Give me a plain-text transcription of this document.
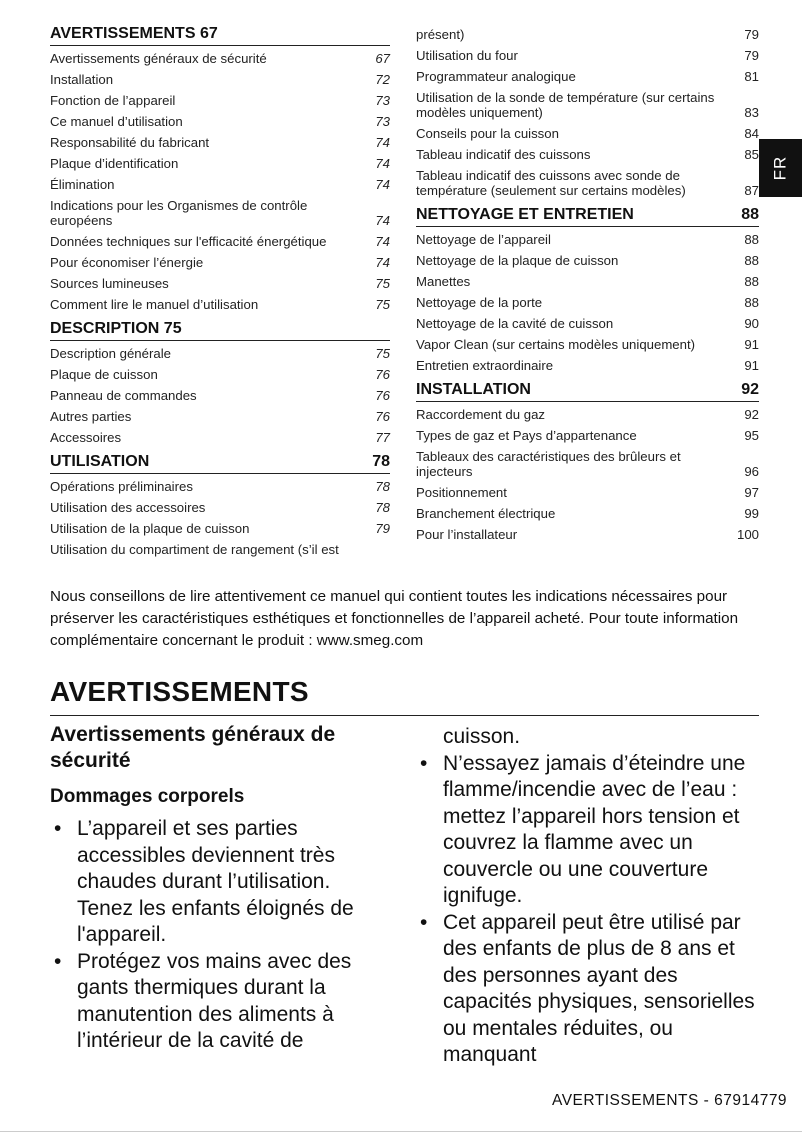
AVERTISSEMENTS 67
Avertissements généraux de sécurité	67
Installation	72
Fonction de l’appareil	73
Ce manuel d’utilisation	73
Responsabilité du fabricant	74
Plaque d’identification	74
Élimination	74
Indications pour les Organismes de contrôle européens	74
Données techniques sur l'efficacité énergétique	74
Pour économiser l’énergie	74
Sources lumineuses	75
Comment lire le manuel d’utilisation	75
DESCRIPTION 75
Description générale	75
Plaque de cuisson	76
Panneau de commandes	76
Autres parties	76
Accessoires	77
UTILISATION	78
Opérations préliminaires	78
Utilisation des accessoires	78
Utilisation de la plaque de cuisson	79
Utilisation du compartiment de rangement (s’il est
présent)	79
Utilisation du four	79
Programmateur analogique	81
Utilisation de la sonde de température (sur certains modèles uniquement)	83
Conseils pour la cuisson	84
Tableau indicatif des cuissons	85
Tableau indicatif des cuissons avec sonde de température (seulement sur certains modèles)	87
NETTOYAGE ET ENTRETIEN	88
Nettoyage de l’appareil	88
Nettoyage de la plaque de cuisson	88
Manettes	88
Nettoyage de la porte	88
Nettoyage de la cavité de cuisson	90
Vapor Clean (sur certains modèles uniquement)	91
Entretien extraordinaire	91
INSTALLATION	92
Raccordement du gaz	92
Types de gaz et Pays d’appartenance	95
Tableaux des caractéristiques des brûleurs et injecteurs	96
Positionnement	97
Branchement électrique	99
Pour l’installateur	100
FR
Nous conseillons de lire attentivement ce manuel qui contient toutes les indications nécessaires pour préserver les caractéristiques esthétiques et fonctionnelles de l’appareil acheté. Pour toute information complémentaire concernant le produit : www.smeg.com
AVERTISSEMENTS
Avertissements généraux de sécurité
Dommages corporels
• L’appareil et ses parties accessibles deviennent très chaudes durant l’utilisation. Tenez les enfants éloignés de l'appareil.
• Protégez vos mains avec des gants thermiques durant la manutention des aliments à l’intérieur de la cavité de
cuisson.
• N’essayez jamais d’éteindre une flamme/incendie avec de l’eau : mettez l’appareil hors tension et couvrez la flamme avec un couvercle ou une couverture ignifuge.
• Cet appareil peut être utilisé par des enfants de plus de 8 ans et des personnes ayant des capacités physiques, sensorielles ou mentales réduites, ou manquant
AVERTISSEMENTS - 67914779
